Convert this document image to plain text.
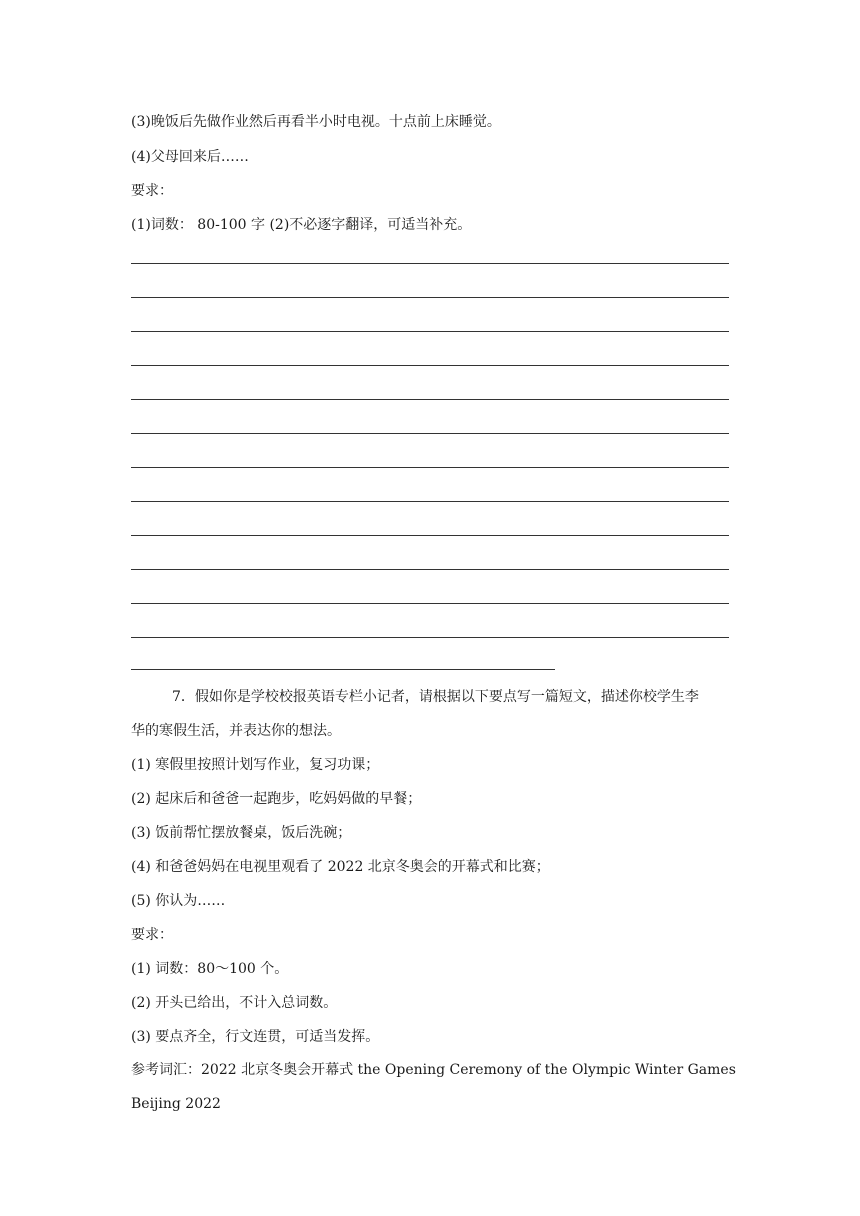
(3)晚饭后先做作业然后再看半小时电视。十点前上床睡觉。
(4)父母回来后……
要求：
(1)词数： 80-100 字 (2)不必逐字翻译，可适当补充。
7．假如你是学校校报英语专栏小记者，请根据以下要点写一篇短文，描述你校学生李
华的寒假生活，并表达你的想法。
(1) 寒假里按照计划写作业，复习功课；
(2) 起床后和爸爸一起跑步，吃妈妈做的早餐；
(3) 饭前帮忙摆放餐桌，饭后洗碗；
(4) 和爸爸妈妈在电视里观看了 2022 北京冬奥会的开幕式和比赛；
(5) 你认为……
要求：
(1) 词数：80～100 个。
(2) 开头已给出，不计入总词数。
(3) 要点齐全，行文连贯，可适当发挥。
参考词汇：2022 北京冬奥会开幕式 the Opening Ceremony of the Olympic Winter Games
Beijing 2022
